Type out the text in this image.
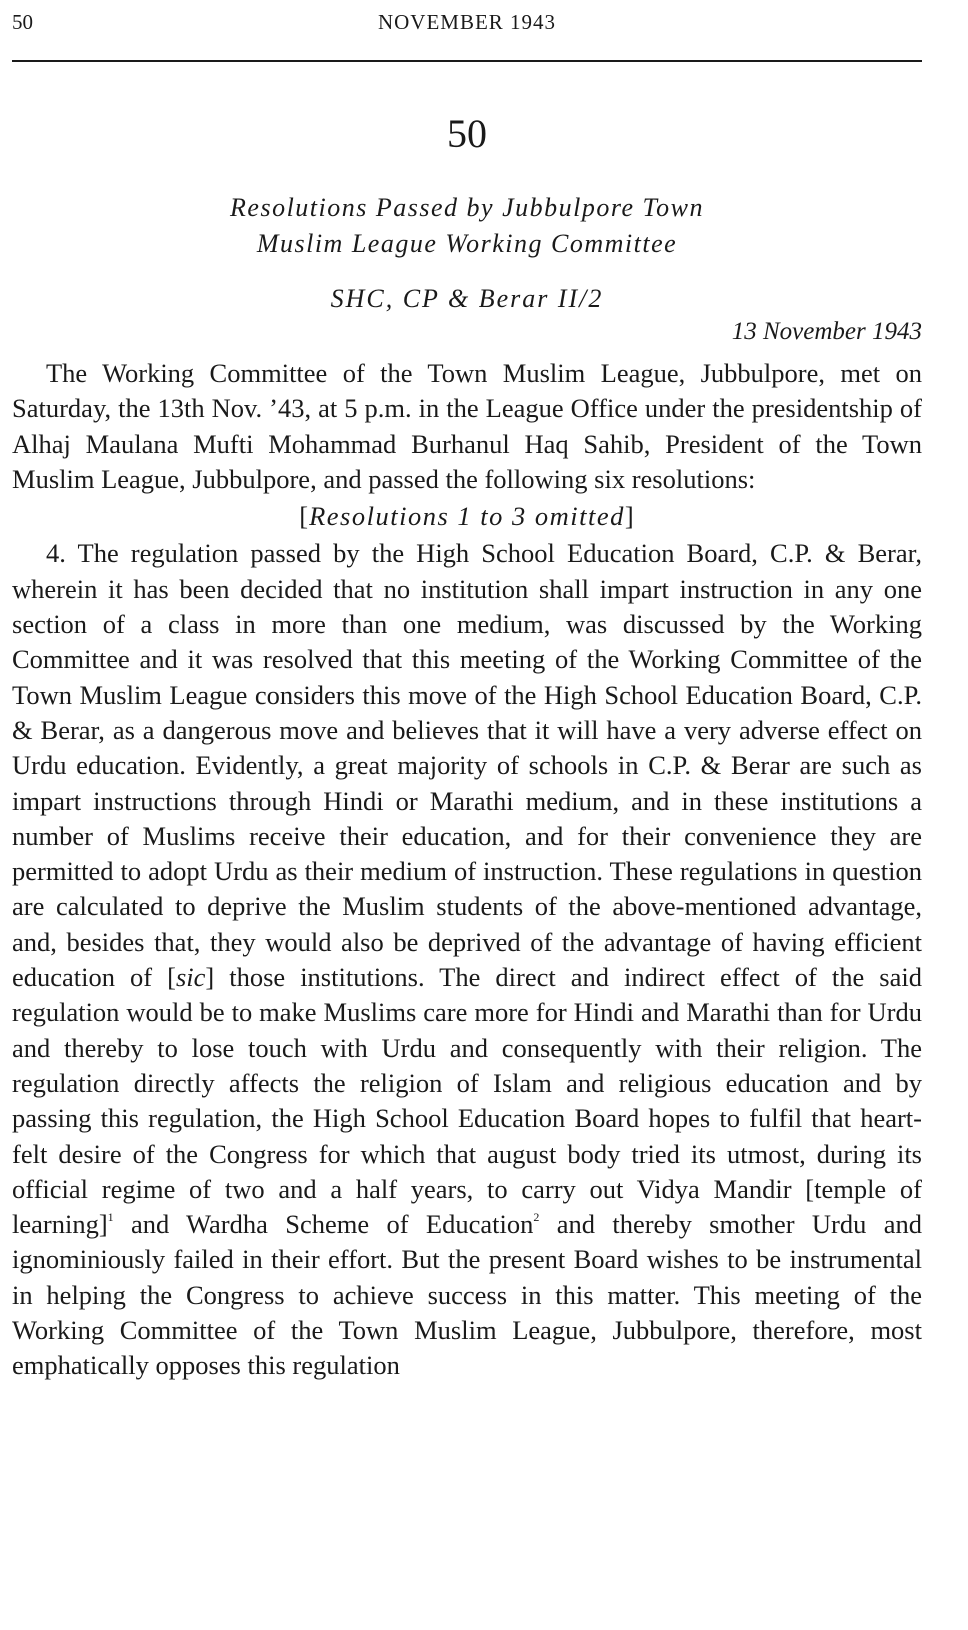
50	NOVEMBER 1943
50
Resolutions Passed by Jubbulpore Town
Muslim League Working Committee
SHC, CP & Berar II/2
13 November 1943

The Working Committee of the Town Muslim League, Jubbulpore, met on Saturday, the 13th Nov. ’43, at 5 p.m. in the League Office under the presidentship of Alhaj Maulana Mufti Mohammad Burhanul Haq Sahib, President of the Town Muslim League, Jubbulpore, and passed the following six resolutions:

[Resolutions 1 to 3 omitted]

4. The regulation passed by the High School Education Board, C.P. & Berar, wherein it has been decided that no institution shall impart instruction in any one section of a class in more than one medium, was discussed by the Working Committee and it was resolved that this meeting of the Working Committee of the Town Muslim League considers this move of the High School Education Board, C.P. & Berar, as a dangerous move and believes that it will have a very adverse effect on Urdu education. Evidently, a great majority of schools in C.P. & Berar are such as impart instructions through Hindi or Marathi medium, and in these institutions a number of Muslims receive their education, and for their convenience they are permitted to adopt Urdu as their medium of instruction. These regulations in question are calculated to deprive the Muslim students of the above-mentioned advantage, and, besides that, they would also be deprived of the advantage of having efficient education of [sic] those institutions. The direct and indirect effect of the said regulation would be to make Muslims care more for Hindi and Marathi than for Urdu and thereby to lose touch with Urdu and consequently with their religion. The regulation directly affects the religion of Islam and religious education and by passing this regulation, the High School Education Board hopes to fulfil that heart-felt desire of the Congress for which that august body tried its utmost, during its official regime of two and a half years, to carry out Vidya Mandir [temple of learning]$^1$ and Wardha Scheme of Education$^2$ and thereby smother Urdu and ignominiously failed in their effort. But the present Board wishes to be instrumental in helping the Congress to achieve success in this matter. This meeting of the Working Committee of the Town Muslim League, Jubbulpore, therefore, most emphatically opposes this regulation
